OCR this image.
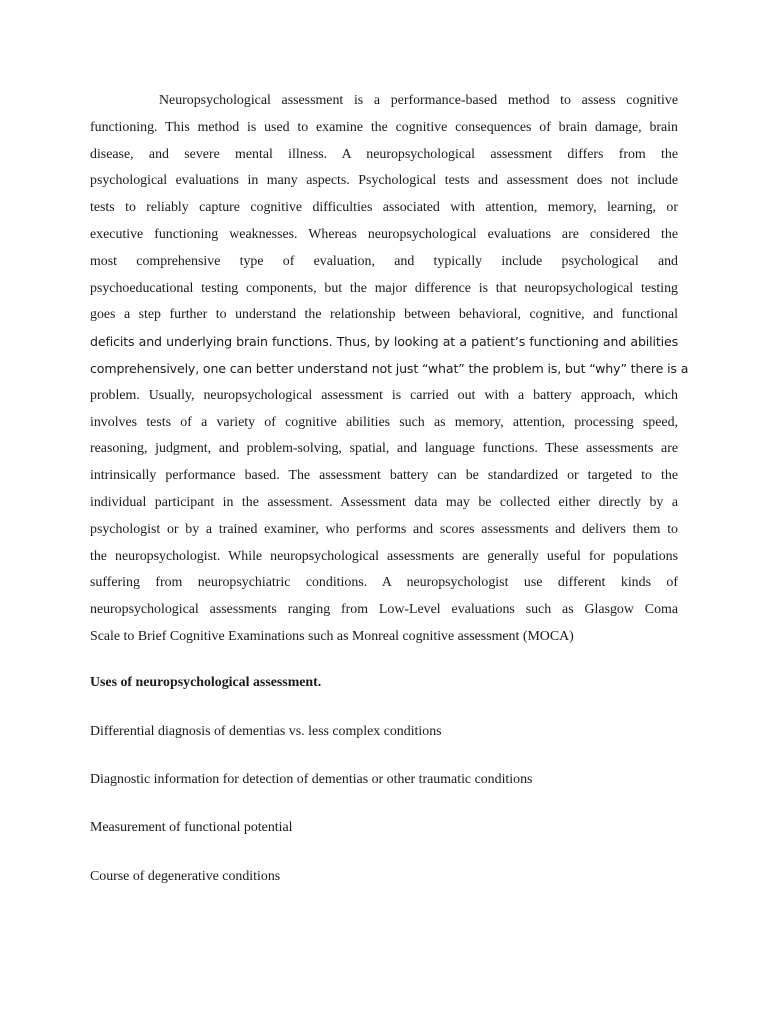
Neuropsychological assessment is a performance-based method to assess cognitive
functioning. This method is used to examine the cognitive consequences of brain damage, brain
disease, and severe mental illness. A neuropsychological assessment differs from the
psychological evaluations in many aspects. Psychological tests and assessment does not include
tests to reliably capture cognitive difficulties associated with attention, memory, learning, or
executive functioning weaknesses. Whereas neuropsychological evaluations are considered the
most comprehensive type of evaluation, and typically include psychological and
psychoeducational testing components, but the major difference is that neuropsychological testing
goes a step further to understand the relationship between behavioral, cognitive, and functional
deficits and underlying brain functions. Thus, by looking at a patient’s functioning and abilities
comprehensively, one can better understand not just “what” the problem is, but “why” there is a
problem. Usually, neuropsychological assessment is carried out with a battery approach, which
involves tests of a variety of cognitive abilities such as memory, attention, processing speed,
reasoning, judgment, and problem-solving, spatial, and language functions. These assessments are
intrinsically performance based. The assessment battery can be standardized or targeted to the
individual participant in the assessment. Assessment data may be collected either directly by a
psychologist or by a trained examiner, who performs and scores assessments and delivers them to
the neuropsychologist. While neuropsychological assessments are generally useful for populations
suffering from neuropsychiatric conditions. A neuropsychologist use different kinds of
neuropsychological assessments ranging from Low-Level evaluations such as Glasgow Coma
Scale to Brief Cognitive Examinations such as Monreal cognitive assessment (MOCA)

Uses of neuropsychological assessment.

Differential diagnosis of dementias vs. less complex conditions

Diagnostic information for detection of dementias or other traumatic conditions

Measurement of functional potential

Course of degenerative conditions
